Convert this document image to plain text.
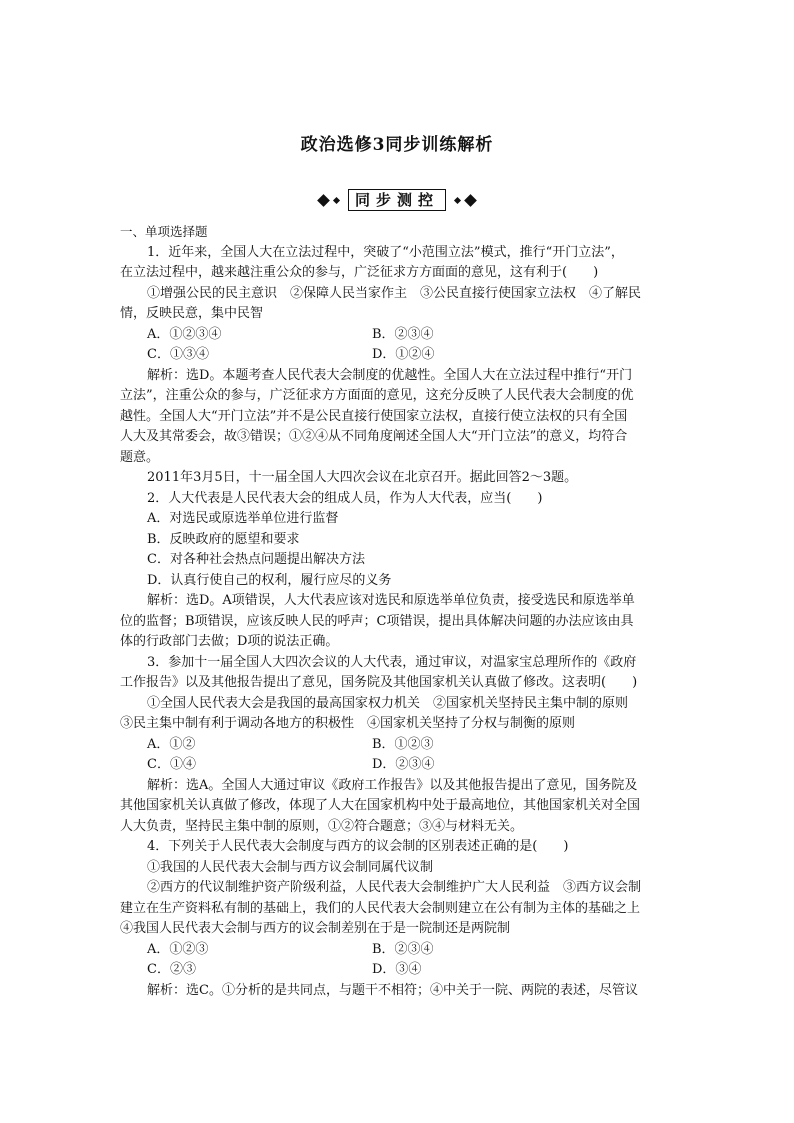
政治选修3同步训练解析
同步测控
一、单项选择题
1．近年来，全国人大在立法过程中，突破了“小范围立法”模式，推行“开门立法”，
在立法过程中，越来越注重公众的参与，广泛征求方方面面的意见，这有利于(　　)
①增强公民的民主意识　②保障人民当家作主　③公民直接行使国家立法权　④了解民
情，反映民意，集中民智
A．①②③④	B．②③④
C．①③④	D．①②④
解析：选D。本题考查人民代表大会制度的优越性。全国人大在立法过程中推行“开门
立法”，注重公众的参与，广泛征求方方面面的意见，这充分反映了人民代表大会制度的优
越性。全国人大“开门立法”并不是公民直接行使国家立法权，直接行使立法权的只有全国
人大及其常委会，故③错误；①②④从不同角度阐述全国人大“开门立法”的意义，均符合
题意。
2011年3月5日，十一届全国人大四次会议在北京召开。据此回答2～3题。
2．人大代表是人民代表大会的组成人员，作为人大代表，应当(　　)
A．对选民或原选举单位进行监督
B．反映政府的愿望和要求
C．对各种社会热点问题提出解决方法
D．认真行使自己的权利，履行应尽的义务
解析：选D。A项错误，人大代表应该对选民和原选举单位负责，接受选民和原选举单
位的监督；B项错误，应该反映人民的呼声；C项错误，提出具体解决问题的办法应该由具
体的行政部门去做；D项的说法正确。
3．参加十一届全国人大四次会议的人大代表，通过审议，对温家宝总理所作的《政府
工作报告》以及其他报告提出了意见，国务院及其他国家机关认真做了修改。这表明(　　)
①全国人民代表大会是我国的最高国家权力机关　②国家机关坚持民主集中制的原则
③民主集中制有利于调动各地方的积极性　④国家机关坚持了分权与制衡的原则
A．①②	B．①②③
C．①④	D．②③④
解析：选A。全国人大通过审议《政府工作报告》以及其他报告提出了意见，国务院及
其他国家机关认真做了修改，体现了人大在国家机构中处于最高地位，其他国家机关对全国
人大负责，坚持民主集中制的原则，①②符合题意；③④与材料无关。
4．下列关于人民代表大会制度与西方的议会制的区别表述正确的是(　　)
①我国的人民代表大会制与西方议会制同属代议制
②西方的代议制维护资产阶级利益，人民代表大会制维护广大人民利益　③西方议会制
建立在生产资料私有制的基础上，我们的人民代表大会制则建立在公有制为主体的基础之上
④我国人民代表大会制与西方的议会制差别在于是一院制还是两院制
A．①②③	B．②③④
C．②③	D．③④
解析：选C。①分析的是共同点，与题干不相符；④中关于一院、两院的表述，尽管议
